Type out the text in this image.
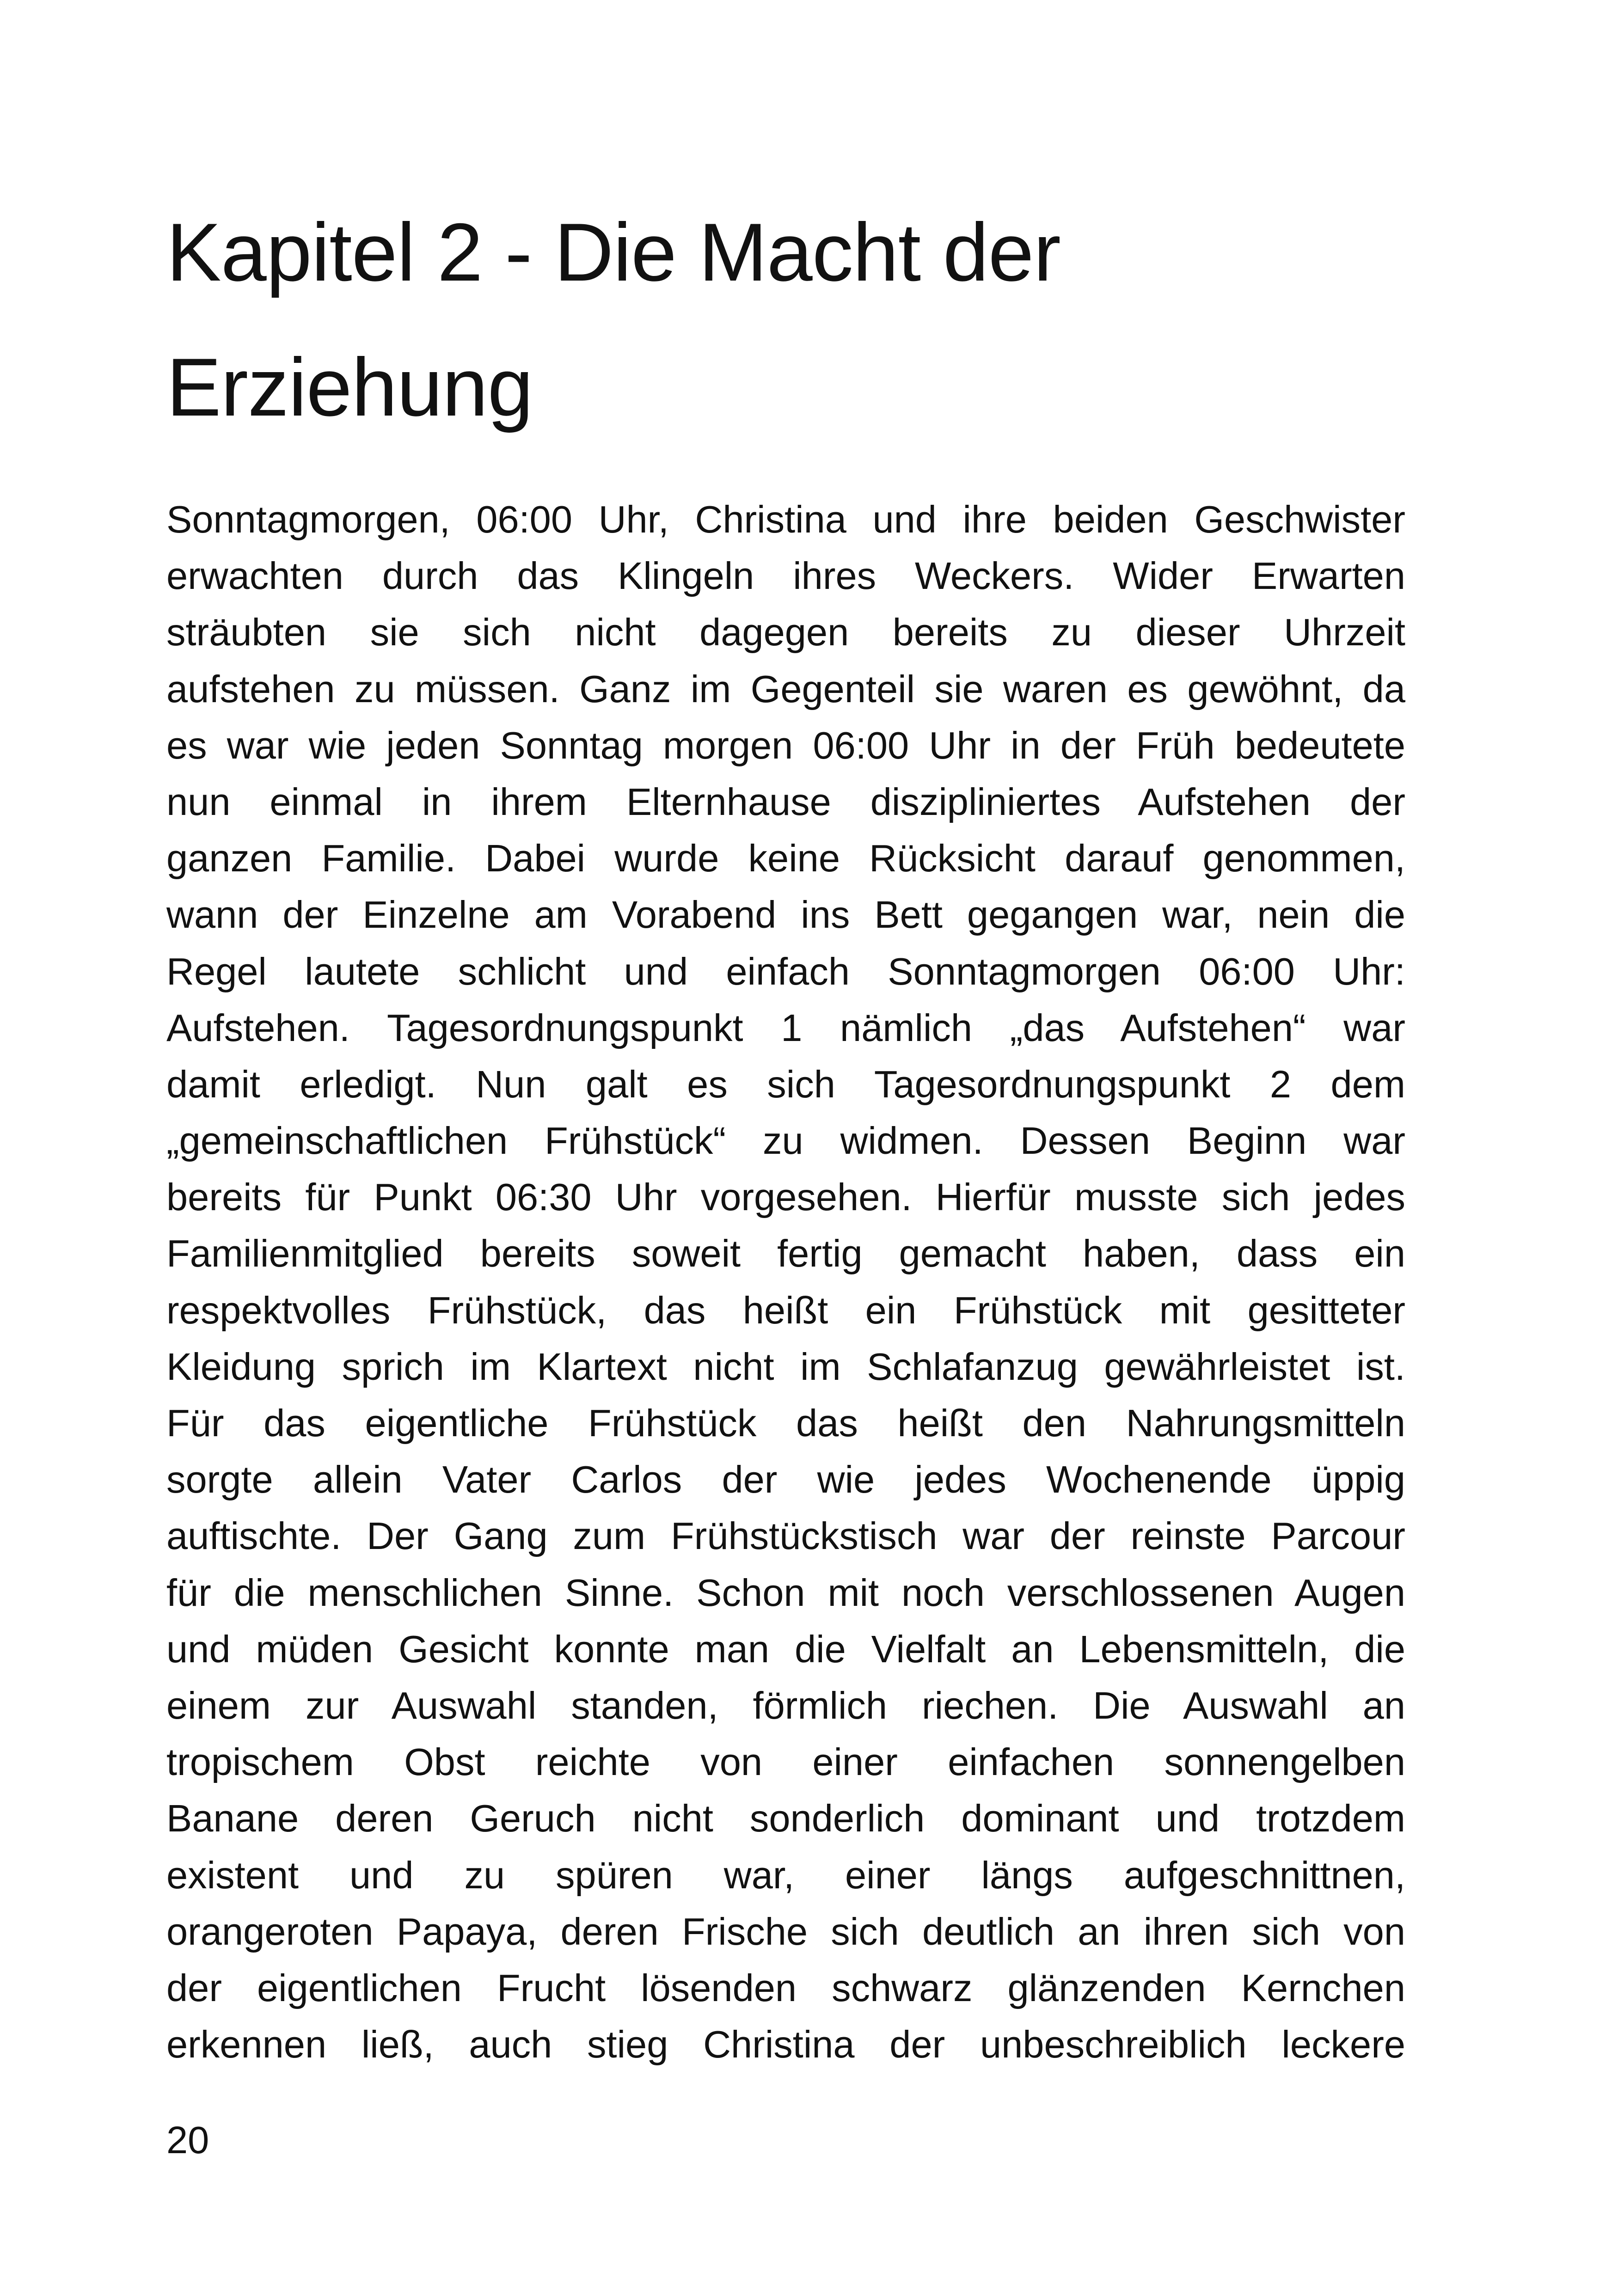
Kapitel 2 - Die Macht der
Erziehung
Sonntagmorgen, 06:00 Uhr, Christina und ihre beiden Geschwister
erwachten durch das Klingeln ihres Weckers. Wider Erwarten
sträubten sie sich nicht dagegen bereits zu dieser Uhrzeit
aufstehen zu müssen. Ganz im Gegenteil sie waren es gewöhnt, da
es war wie jeden Sonntag morgen 06:00 Uhr in der Früh bedeutete
nun einmal in ihrem Elternhause diszipliniertes Aufstehen der
ganzen Familie. Dabei wurde keine Rücksicht darauf genommen,
wann der Einzelne am Vorabend ins Bett gegangen war, nein die
Regel lautete schlicht und einfach Sonntagmorgen 06:00 Uhr:
Aufstehen. Tagesordnungspunkt 1 nämlich „das Aufstehen“ war
damit erledigt. Nun galt es sich Tagesordnungspunkt 2 dem
„gemeinschaftlichen Frühstück“ zu widmen. Dessen Beginn war
bereits für Punkt 06:30 Uhr vorgesehen. Hierfür musste sich jedes
Familienmitglied bereits soweit fertig gemacht haben, dass ein
respektvolles Frühstück, das heißt ein Frühstück mit gesitteter
Kleidung sprich im Klartext nicht im Schlafanzug gewährleistet ist.
Für das eigentliche Frühstück das heißt den Nahrungsmitteln
sorgte allein Vater Carlos der wie jedes Wochenende üppig
auftischte. Der Gang zum Frühstückstisch war der reinste Parcour
für die menschlichen Sinne. Schon mit noch verschlossenen Augen
und müden Gesicht konnte man die Vielfalt an Lebensmitteln, die
einem zur Auswahl standen, förmlich riechen. Die Auswahl an
tropischem Obst reichte von einer einfachen sonnengelben
Banane deren Geruch nicht sonderlich dominant und trotzdem
existent und zu spüren war, einer längs aufgeschnittnen,
orangeroten Papaya, deren Frische sich deutlich an ihren sich von
der eigentlichen Frucht lösenden schwarz glänzenden Kernchen
erkennen ließ, auch stieg Christina der unbeschreiblich leckere
20
